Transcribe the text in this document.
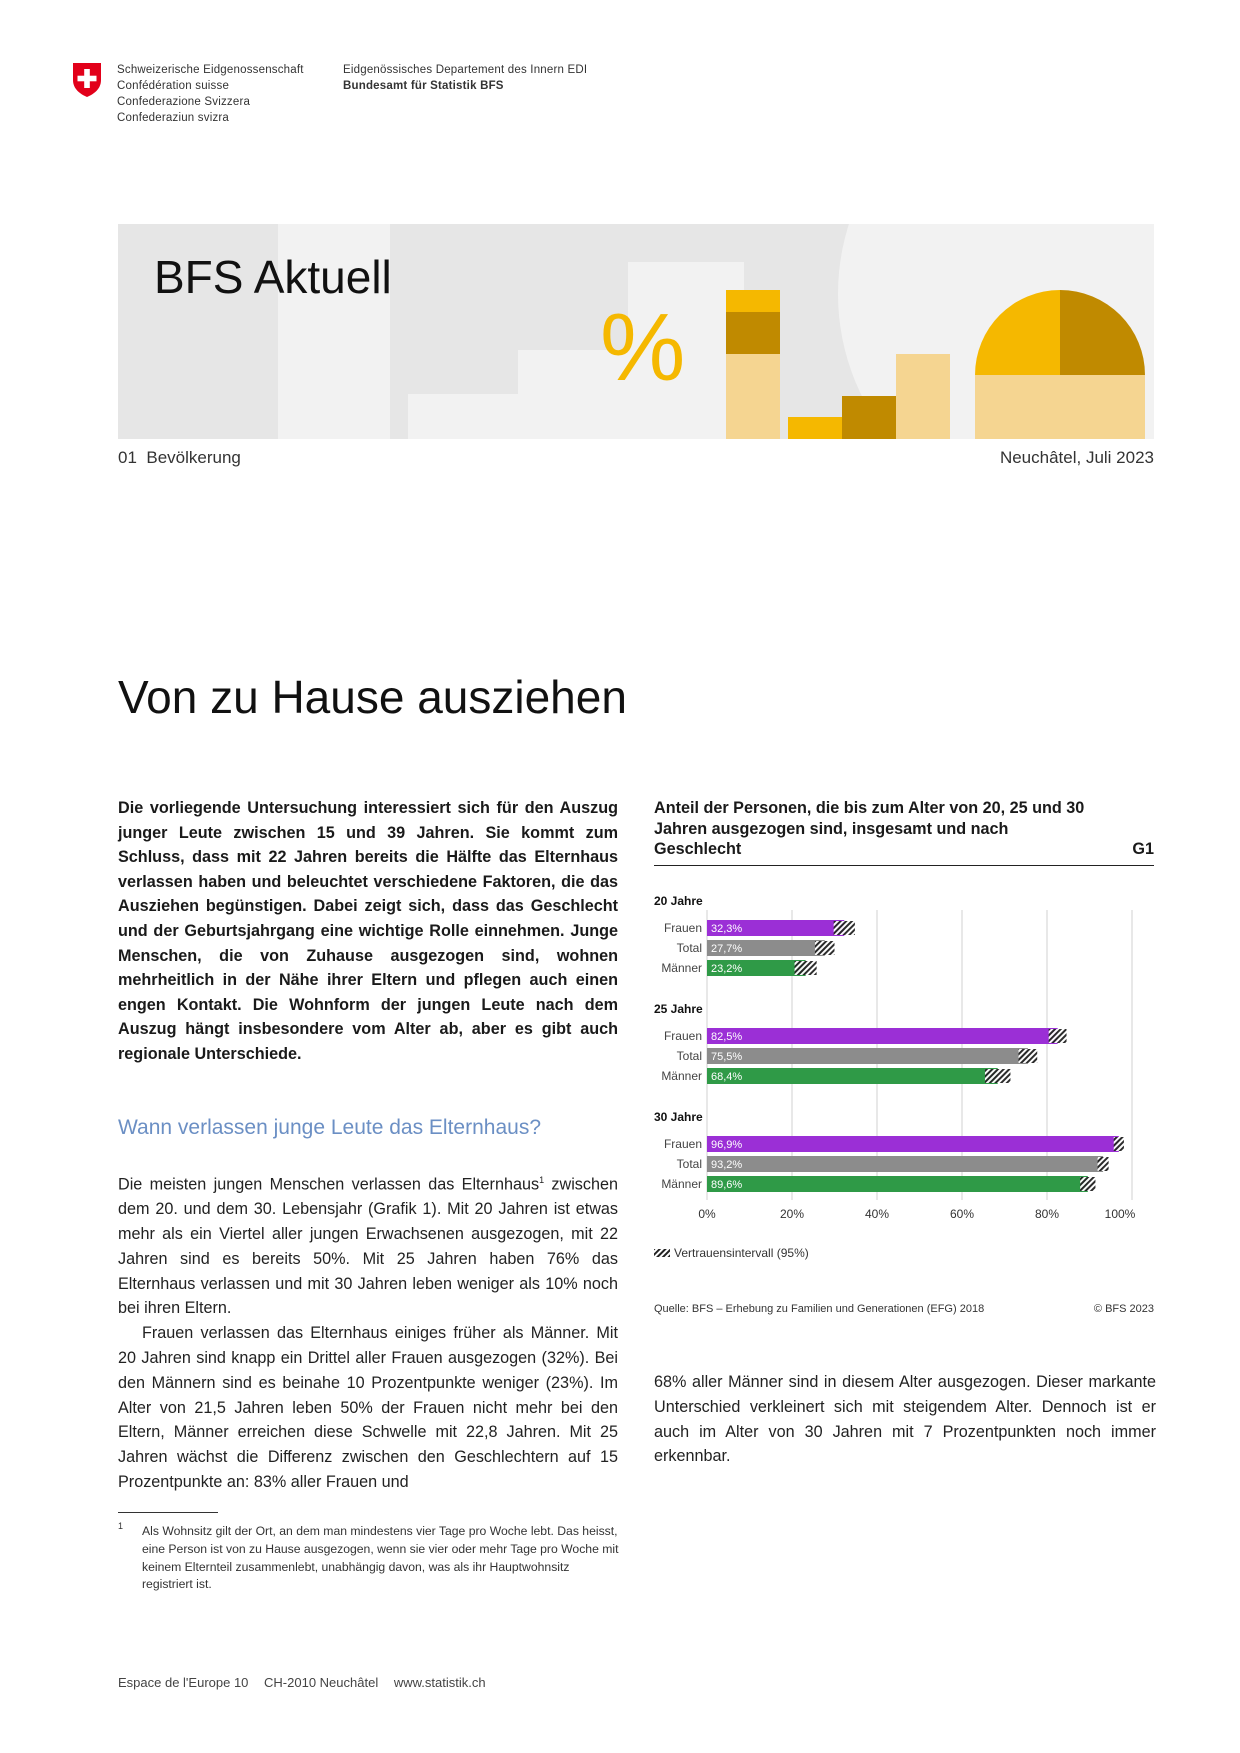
Schweizerische Eidgenossenschaft
Confédération suisse
Confederazione Svizzera
Confederaziun svizra
Eidgenössisches Departement des Innern EDI
Bundesamt für Statistik BFS
BFS Aktuell
%
01  Bevölkerung	Neuchâtel, Juli 2023
Von zu Hause ausziehen
Die vorliegende Untersuchung interessiert sich für den Auszug junger Leute zwischen 15 und 39 Jahren. Sie kommt zum Schluss, dass mit 22 Jahren bereits die Hälfte das Elternhaus verlassen haben und beleuchtet verschiedene Faktoren, die das Ausziehen begünstigen. Dabei zeigt sich, dass das Geschlecht und der Geburtsjahrgang eine wichtige Rolle einnehmen. Junge Menschen, die von Zuhause ausgezogen sind, wohnen mehrheitlich in der Nähe ihrer Eltern und pflegen auch einen engen Kontakt. Die Wohnform der jungen Leute nach dem Auszug hängt insbesondere vom Alter ab, aber es gibt auch regionale Unterschiede.
Wann verlassen junge Leute das Elternhaus?

Die meisten jungen Menschen verlassen das Elternhaus$^1$ zwischen dem 20. und dem 30. Lebensjahr (Grafik 1). Mit 20 Jahren ist etwas mehr als ein Viertel aller jungen Erwachsenen ausgezogen, mit 22 Jahren sind es bereits 50%. Mit 25 Jahren haben 76% das Elternhaus verlassen und mit 30 Jahren leben weniger als 10% noch bei ihren Eltern.

Frauen verlassen das Elternhaus einiges früher als Männer. Mit 20 Jahren sind knapp ein Drittel aller Frauen ausgezogen (32%). Bei den Männern sind es beinahe 10 Prozentpunkte weniger (23%). Im Alter von 21,5 Jahren leben 50% der Frauen nicht mehr bei den Eltern, Männer erreichen diese Schwelle mit 22,8 Jahren. Mit 25 Jahren wächst die Differenz zwischen den Geschlechtern auf 15 Prozentpunkte an: 83% aller Frauen und

68% aller Männer sind in diesem Alter ausgezogen. Dieser markante Unterschied verkleinert sich mit steigendem Alter. Dennoch ist er auch im Alter von 30 Jahren mit 7 Prozentpunkten noch immer erkennbar.
1 Als Wohnsitz gilt der Ort, an dem man mindestens vier Tage pro Woche lebt. Das heisst, eine Person ist von zu Hause ausgezogen, wenn sie vier oder mehr Tage pro Woche mit keinem Elternteil zusammenlebt, unabhängig davon, was als ihr Hauptwohnsitz registriert ist.
Espace de l'Europe 10 CH-2010 Neuchâtel www.statistik.ch
Anteil der Personen, die bis zum Alter von 20, 25 und 30 Jahren ausgezogen sind, insgesamt und nach Geschlecht	G1
0%	20%	40%	60%	80%	100%
20 Jahre
Frauen 32,3%
Total 27,7%
Männer 23,2%
25 Jahre
Frauen 82,5%
Total 75,5%
Männer 68,4%
30 Jahre
Frauen 96,9%
Total 93,2%
Männer 89,6%
Vertrauensintervall (95%)
Quelle: BFS – Erhebung zu Familien und Generationen (EFG) 2018	© BFS 2023
